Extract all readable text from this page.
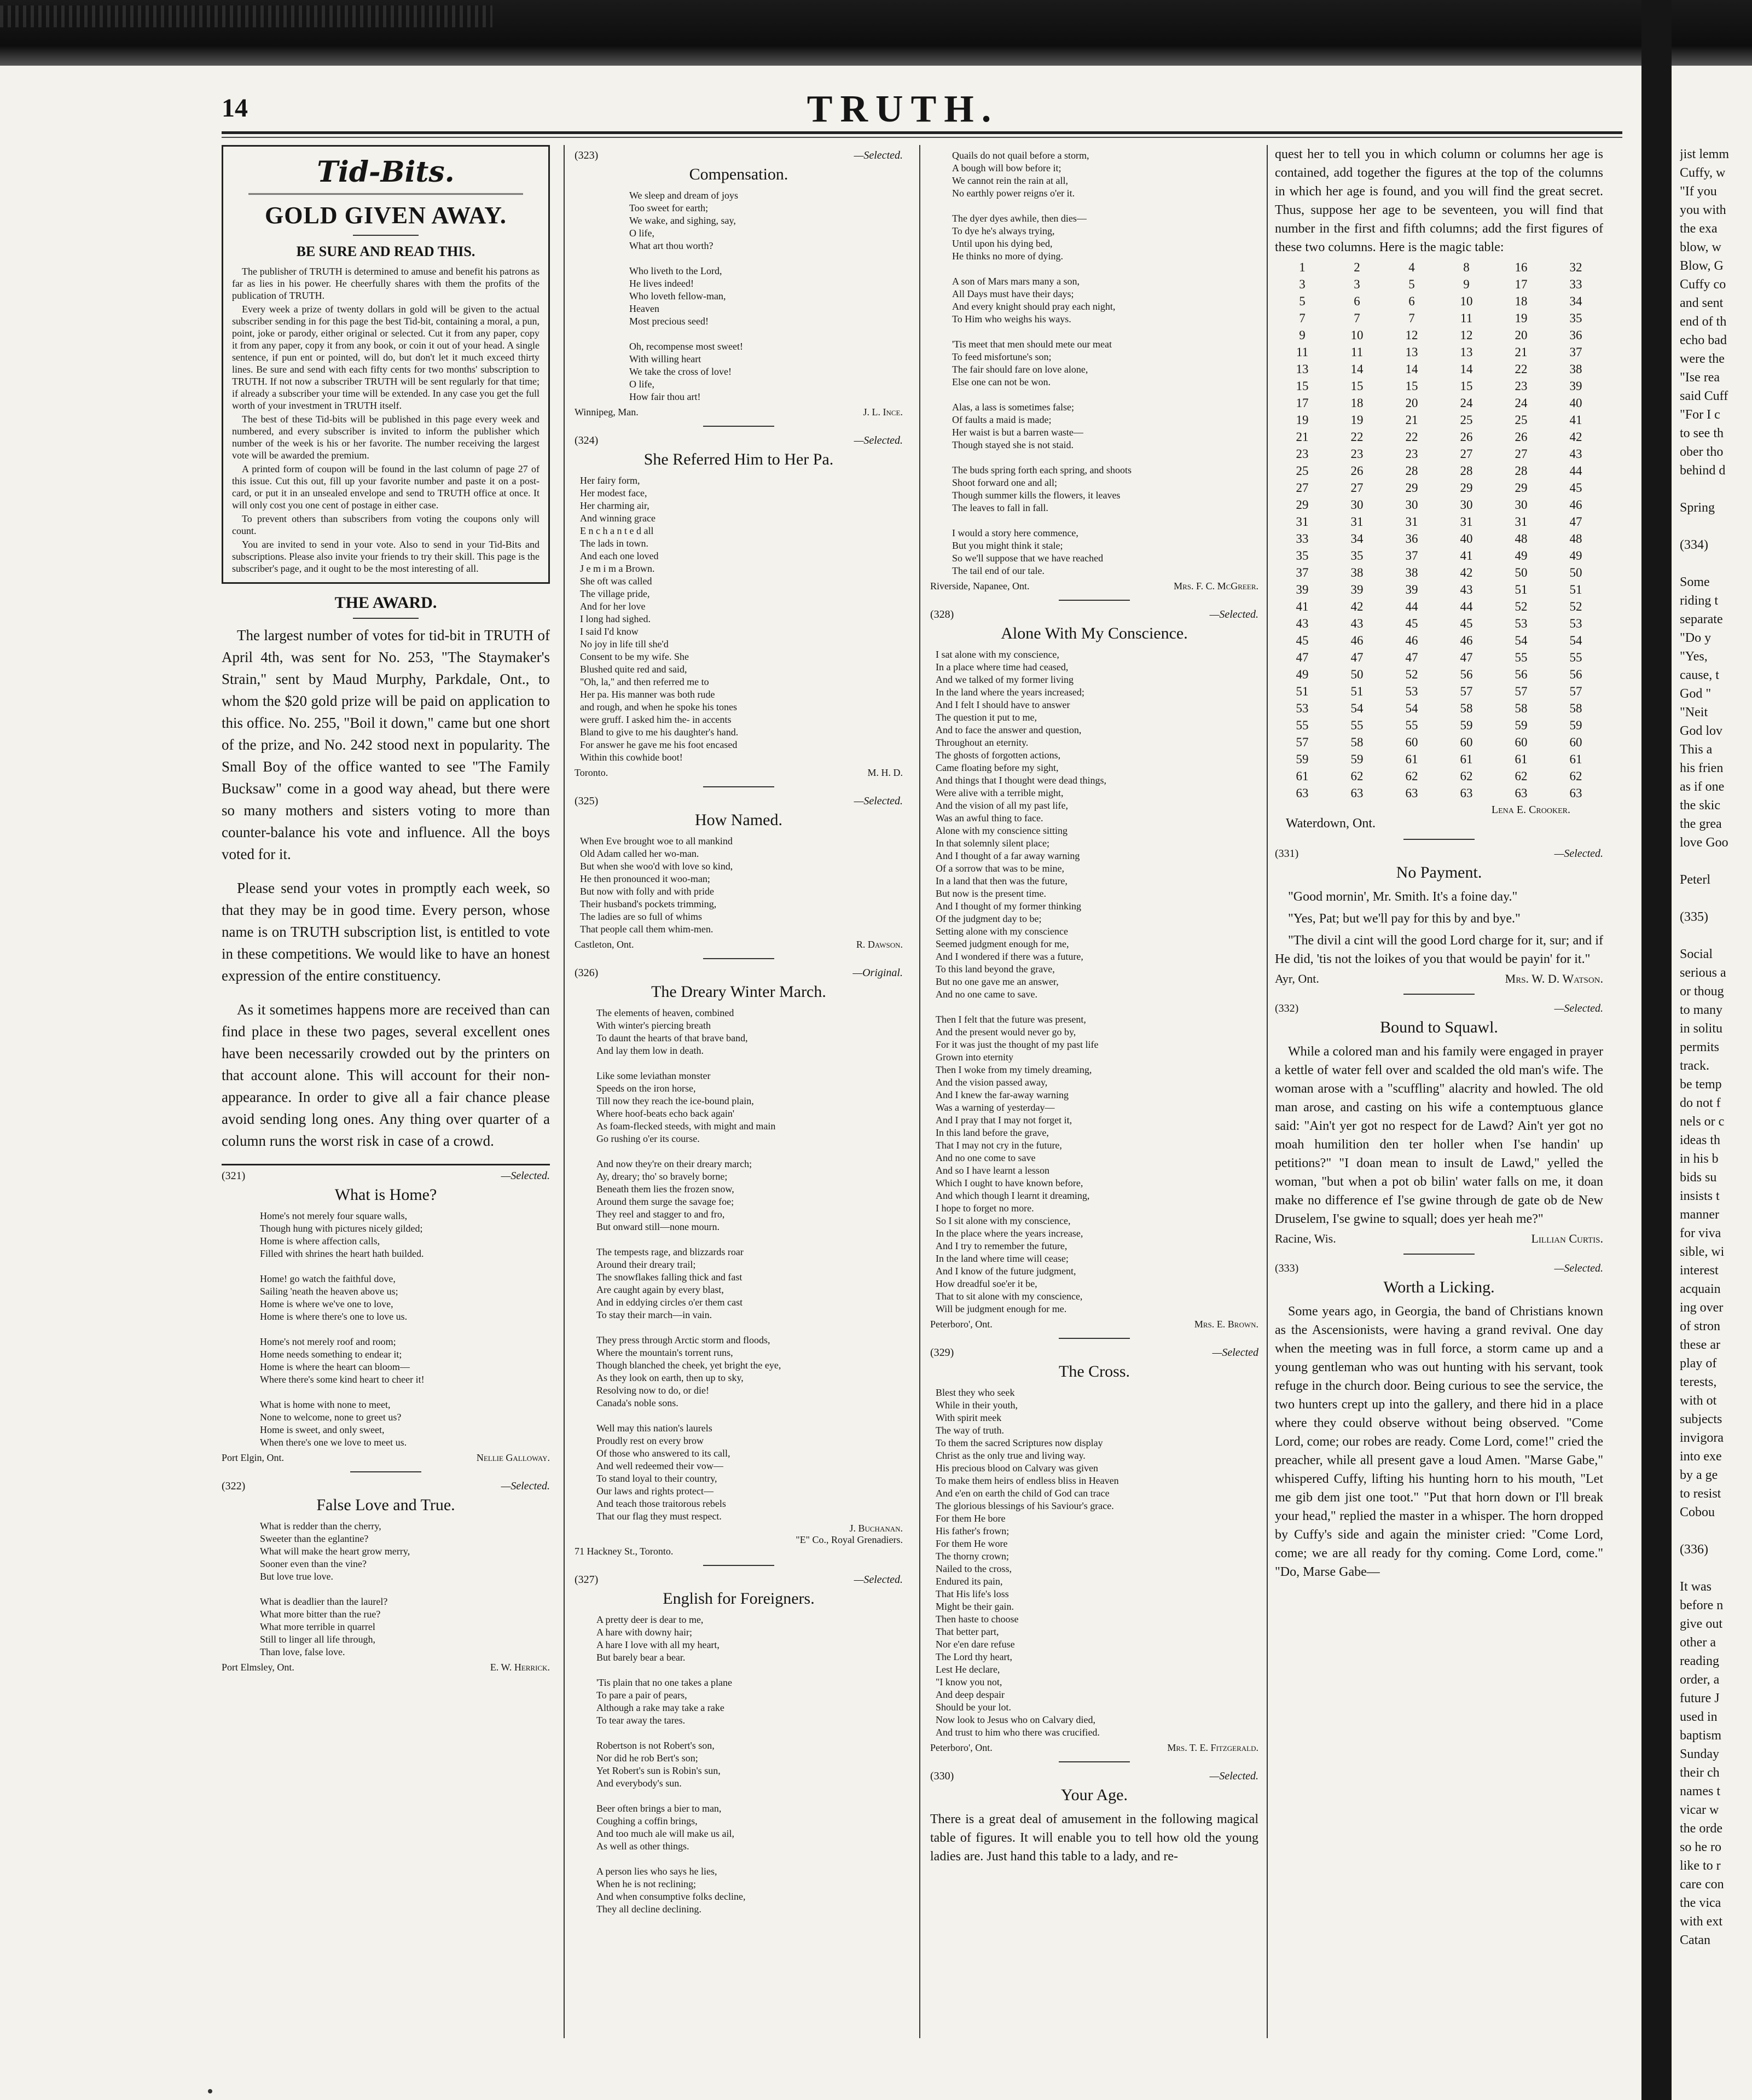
14	TRUTH.
Tid-Bits.
GOLD GIVEN AWAY.
BE SURE AND READ THIS.

The publisher of TRUTH is determined to amuse and benefit his patrons as far as lies in his power. He cheerfully shares with them the profits of the publication of TRUTH.

Every week a prize of twenty dollars in gold will be given to the actual subscriber sending in for this page the best Tid-bit, containing a moral, a pun, point, joke or parody, either original or selected. Cut it from any paper, copy it from any paper, copy it from any book, or coin it out of your head. A single sentence, if pun ent or pointed, will do, but don't let it much exceed thirty lines. Be sure and send with each fifty cents for two months' subscription to TRUTH. If not now a subscriber TRUTH will be sent regularly for that time; if already a subscriber your time will be extended. In any case you get the full worth of your investment in TRUTH itself.

The best of these Tid-bits will be published in this page every week and numbered, and every subscriber is invited to inform the publisher which number of the week is his or her favorite. The number receiving the largest vote will be awarded the premium.

A printed form of coupon will be found in the last column of page 27 of this issue. Cut this out, fill up your favorite number and paste it on a post-card, or put it in an unsealed envelope and send to TRUTH office at once. It will only cost you one cent of postage in either case.

To prevent others than subscribers from voting the coupons only will count.

You are invited to send in your vote. Also to send in your Tid-Bits and subscriptions. Please also invite your friends to try their skill. This page is the subscriber's page, and it ought to be the most interesting of all.

THE AWARD.

The largest number of votes for tid-bit in TRUTH of April 4th, was sent for No. 253, "The Staymaker's Strain," sent by Maud Murphy, Parkdale, Ont., to whom the $20 gold prize will be paid on application to this office. No. 255, "Boil it down," came but one short of the prize, and No. 242 stood next in popularity. The Small Boy of the office wanted to see "The Family Bucksaw" come in a good way ahead, but there were so many mothers and sisters voting to more than counter-balance his vote and influence. All the boys voted for it.

Please send your votes in promptly each week, so that they may be in good time. Every person, whose name is on TRUTH subscription list, is entitled to vote in these competitions. We would like to have an honest expression of the entire constituency.

As it sometimes happens more are received than can find place in these two pages, several excellent ones have been necessarily crowded out by the printers on that account alone. This will account for their non-appearance. In order to give all a fair chance please avoid sending long ones. Any thing over quarter of a column runs the worst risk in case of a crowd.

(321)	—Selected.
What is Home?
Home's not merely four square walls,
Though hung with pictures nicely gilded;
Home is where affection calls,
Filled with shrines the heart hath builded.

Home! go watch the faithful dove,
Sailing 'neath the heaven above us;
Home is where we've one to love,
Home is where there's one to love us.

Home's not merely roof and room;
Home needs something to endear it;
Home is where the heart can bloom—
Where there's some kind heart to cheer it!

What is home with none to meet,
None to welcome, none to greet us?
Home is sweet, and only sweet,
When there's one we love to meet us.
Port Elgin, Ont.	Nellie Galloway.
(322)	—Selected.
False Love and True.
What is redder than the cherry,
Sweeter than the eglantine?
What will make the heart grow merry,
Sooner even than the vine?
But love true love.

What is deadlier than the laurel?
What more bitter than the rue?
What more terrible in quarrel
Still to linger all life through,
Than love, false love.
Port Elmsley, Ont.	E. W. Herrick.
(323)	—Selected.
Compensation.
We sleep and dream of joys
Too sweet for earth;
We wake, and sighing, say,
O life,
What art thou worth?

Who liveth to the Lord,
He lives indeed!
Who loveth fellow-man,
Heaven
Most precious seed!

Oh, recompense most sweet!
With willing heart
We take the cross of love!
O life,
How fair thou art!
Winnipeg, Man.	J. L. Ince.
(324)	—Selected.
She Referred Him to Her Pa.
Her fairy form,
Her modest face,
Her charming air,
And winning grace
E n c h a n t e d all
The lads in town.
And each one loved
J e m i m a Brown.
She oft was called
The village pride,
And for her love
I long had sighed.
I said I'd know
No joy in life till she'd
Consent to be my wife. She
Blushed quite red and said,
"Oh, la," and then referred me to
Her pa. His manner was both rude
and rough, and when he spoke his tones
were gruff. I asked him the- in accents
Bland to give to me his daughter's hand.
For answer he gave me his foot encased
Within this cowhide boot!
Toronto.	M. H. D.
(325)	—Selected.
How Named.
When Eve brought woe to all mankind
Old Adam called her wo-man.
But when she woo'd with love so kind,
He then pronounced it woo-man;
But now with folly and with pride
Their husband's pockets trimming,
The ladies are so full of whims
That people call them whim-men.
Castleton, Ont.	R. Dawson.
(326)	—Original.
The Dreary Winter March.
The elements of heaven, combined
With winter's piercing breath
To daunt the hearts of that brave band,
And lay them low in death.

Like some leviathan monster
Speeds on the iron horse,
Till now they reach the ice-bound plain,
Where hoof-beats echo back again'
As foam-flecked steeds, with might and main
Go rushing o'er its course.

And now they're on their dreary march;
Ay, dreary; tho' so bravely borne;
Beneath them lies the frozen snow,
Around them surge the savage foe;
They reel and stagger to and fro,
But onward still—none mourn.

The tempests rage, and blizzards roar
Around their dreary trail;
The snowflakes falling thick and fast
Are caught again by every blast,
And in eddying circles o'er them cast
To stay their march—in vain.

They press through Arctic storm and floods,
Where the mountain's torrent runs,
Though blanched the cheek, yet bright the eye,
As they look on earth, then up to sky,
Resolving now to do, or die!
Canada's noble sons.

Well may this nation's laurels
Proudly rest on every brow
Of those who answered to its call,
And well redeemed their vow—
To stand loyal to their country,
Our laws and rights protect—
And teach those traitorous rebels
That our flag they must respect.
J. Buchanan.
"E" Co., Royal Grenadiers.
71 Hackney St., Toronto.
(327)	—Selected.
English for Foreigners.
A pretty deer is dear to me,
A hare with downy hair;
A hare I love with all my heart,
But barely bear a bear.

'Tis plain that no one takes a plane
To pare a pair of pears,
Although a rake may take a rake
To tear away the tares.

Robertson is not Robert's son,
Nor did he rob Bert's son;
Yet Robert's sun is Robin's sun,
And everybody's sun.

Beer often brings a bier to man,
Coughing a coffin brings,
And too much ale will make us ail,
As well as other things.

A person lies who says he lies,
When he is not reclining;
And when consumptive folks decline,
They all decline declining.
Quails do not quail before a storm,
A bough will bow before it;
We cannot rein the rain at all,
No earthly power reigns o'er it.

The dyer dyes awhile, then dies—
To dye he's always trying,
Until upon his dying bed,
He thinks no more of dying.

A son of Mars mars many a son,
All Days must have their days;
And every knight should pray each night,
To Him who weighs his ways.

'Tis meet that men should mete our meat
To feed misfortune's son;
The fair should fare on love alone,
Else one can not be won.

Alas, a lass is sometimes false;
Of faults a maid is made;
Her waist is but a barren waste—
Though stayed she is not staid.

The buds spring forth each spring, and shoots
Shoot forward one and all;
Though summer kills the flowers, it leaves
The leaves to fall in fall.

I would a story here commence,
But you might think it stale;
So we'll suppose that we have reached
The tail end of our tale.
Riverside, Napanee, Ont.	Mrs. F. C. McGreer.
(328)	—Selected.
Alone With My Conscience.
I sat alone with my conscience,
In a place where time had ceased,
And we talked of my former living
In the land where the years increased;
And I felt I should have to answer
The question it put to me,
And to face the answer and question,
Throughout an eternity.
The ghosts of forgotten actions,
Came floating before my sight,
And things that I thought were dead things,
Were alive with a terrible might,
And the vision of all my past life,
Was an awful thing to face.
Alone with my conscience sitting
In that solemnly silent place;
And I thought of a far away warning
Of a sorrow that was to be mine,
In a land that then was the future,
But now is the present time.
And I thought of my former thinking
Of the judgment day to be;
Setting alone with my conscience
Seemed judgment enough for me,
And I wondered if there was a future,
To this land beyond the grave,
But no one gave me an answer,
And no one came to save.

Then I felt that the future was present,
And the present would never go by,
For it was just the thought of my past life
Grown into eternity
Then I woke from my timely dreaming,
And the vision passed away,
And I knew the far-away warning
Was a warning of yesterday—
And I pray that I may not forget it,
In this land before the grave,
That I may not cry in the future,
And no one come to save
And so I have learnt a lesson
Which I ought to have known before,
And which though I learnt it dreaming,
I hope to forget no more.
So I sit alone with my conscience,
In the place where the years increase,
And I try to remember the future,
In the land where time will cease;
And I know of the future judgment,
How dreadful soe'er it be,
That to sit alone with my conscience,
Will be judgment enough for me.
Peterboro', Ont.	Mrs. E. Brown.
(329)	—Selected
The Cross.
Blest they who seek
While in their youth,
With spirit meek
The way of truth.
To them the sacred Scriptures now display
Christ as the only true and living way.
His precious blood on Calvary was given
To make them heirs of endless bliss in Heaven
And e'en on earth the child of God can trace
The glorious blessings of his Saviour's grace.
For them He bore
His father's frown;
For them He wore
The thorny crown;
Nailed to the cross,
Endured its pain,
That His life's loss
Might be their gain.
Then haste to choose
That better part,
Nor e'en dare refuse
The Lord thy heart,
Lest He declare,
"I know you not,
And deep despair
Should be your lot.
Now look to Jesus who on Calvary died,
And trust to him who there was crucified.
Peterboro', Ont.	Mrs. T. E. Fitzgerald.
(330)	—Selected.
Your Age.
There is a great deal of amusement in the following magical table of figures. It will enable you to tell how old the young ladies are. Just hand this table to a lady, and re-
quest her to tell you in which column or columns her age is contained, add together the figures at the top of the columns in which her age is found, and you will find the great secret. Thus, suppose her age to be seventeen, you will find that number in the first and fifth columns; add the first figures of these two columns. Here is the magic table:
1	2	4	8	16	32
3	3	5	9	17	33
5	6	6	10	18	34
7	7	7	11	19	35
9	10	12	12	20	36
11	11	13	13	21	37
13	14	14	14	22	38
15	15	15	15	23	39
17	18	20	24	24	40
19	19	21	25	25	41
21	22	22	26	26	42
23	23	23	27	27	43
25	26	28	28	28	44
27	27	29	29	29	45
29	30	30	30	30	46
31	31	31	31	31	47
33	34	36	40	48	48
35	35	37	41	49	49
37	38	38	42	50	50
39	39	39	43	51	51
41	42	44	44	52	52
43	43	45	45	53	53
45	46	46	46	54	54
47	47	47	47	55	55
49	50	52	56	56	56
51	51	53	57	57	57
53	54	54	58	58	58
55	55	55	59	59	59
57	58	60	60	60	60
59	59	61	61	61	61
61	62	62	62	62	62
63	63	63	63	63	63
Lena E. Crooker.
Waterdown, Ont.
(331)	—Selected.
No Payment.

"Good mornin', Mr. Smith. It's a foine day."

"Yes, Pat; but we'll pay for this by and bye."

"The divil a cint will the good Lord charge for it, sur; and if He did, 'tis not the loikes of you that would be payin' for it."

Ayr, Ont.	Mrs. W. D. Watson.
(332)	—Selected.
Bound to Squawl.

While a colored man and his family were engaged in prayer a kettle of water fell over and scalded the old man's wife. The woman arose with a "scuffling" alacrity and howled. The old man arose, and casting on his wife a contemptuous glance said: "Ain't yer got no respect for de Lawd? Ain't yer got no moah humilition den ter holler when I'se handin' up petitions?" "I doan mean to insult de Lawd," yelled the woman, "but when a pot ob bilin' water falls on me, it doan make no difference ef I'se gwine through de gate ob de New Druselem, I'se gwine to squall; does yer heah me?"

Racine, Wis.	Lillian Curtis.
(333)	—Selected.
Worth a Licking.

Some years ago, in Georgia, the band of Christians known as the Ascensionists, were having a grand revival. One day when the meeting was in full force, a storm came up and a young gentleman who was out hunting with his servant, took refuge in the church door. Being curious to see the service, the two hunters crept up into the gallery, and there hid in a place where they could observe without being observed. "Come Lord, come; our robes are ready. Come Lord, come!" cried the preacher, while all present gave a loud Amen. "Marse Gabe," whispered Cuffy, lifting his hunting horn to his mouth, "Let me gib dem jist one toot." "Put that horn down or I'll break your head," replied the master in a whisper. The horn dropped by Cuffy's side and again the minister cried: "Come Lord, come; we are all ready for thy coming. Come Lord, come." "Do, Marse Gabe—

jist lemm
Cuffy, w
"If you
you with
the exa
blow, w
Blow, G
Cuffy co
and sent
end of th
echo bad
were the
"Ise rea
said Cuff
"For I c
to see th
ober tho
behind d

Spring

(334)

Some
riding t
separate
"Do y
"Yes,
cause, t
God "
"Neit
God lov
This a
his frien
as if one
the skic
the grea
love Goo

Peterl

(335)

Social
serious a
or thoug
to many
in solitu
permits
track.
be temp
do not f
nels or c
ideas th
in his b
bids su
insists t
manner
for viva
sible, wi
interest
acquain
ing over
of stron
these ar
play of
terests,
with ot
subjects
invigora
into exe
by a ge
to resist
Cobou

(336)

It was
before n
give out
other a
reading
order, a
future J
used in
baptism
Sunday
their ch
names t
vicar w
the orde
so he ro
like to r
care con
the vica
with ext
Catan
